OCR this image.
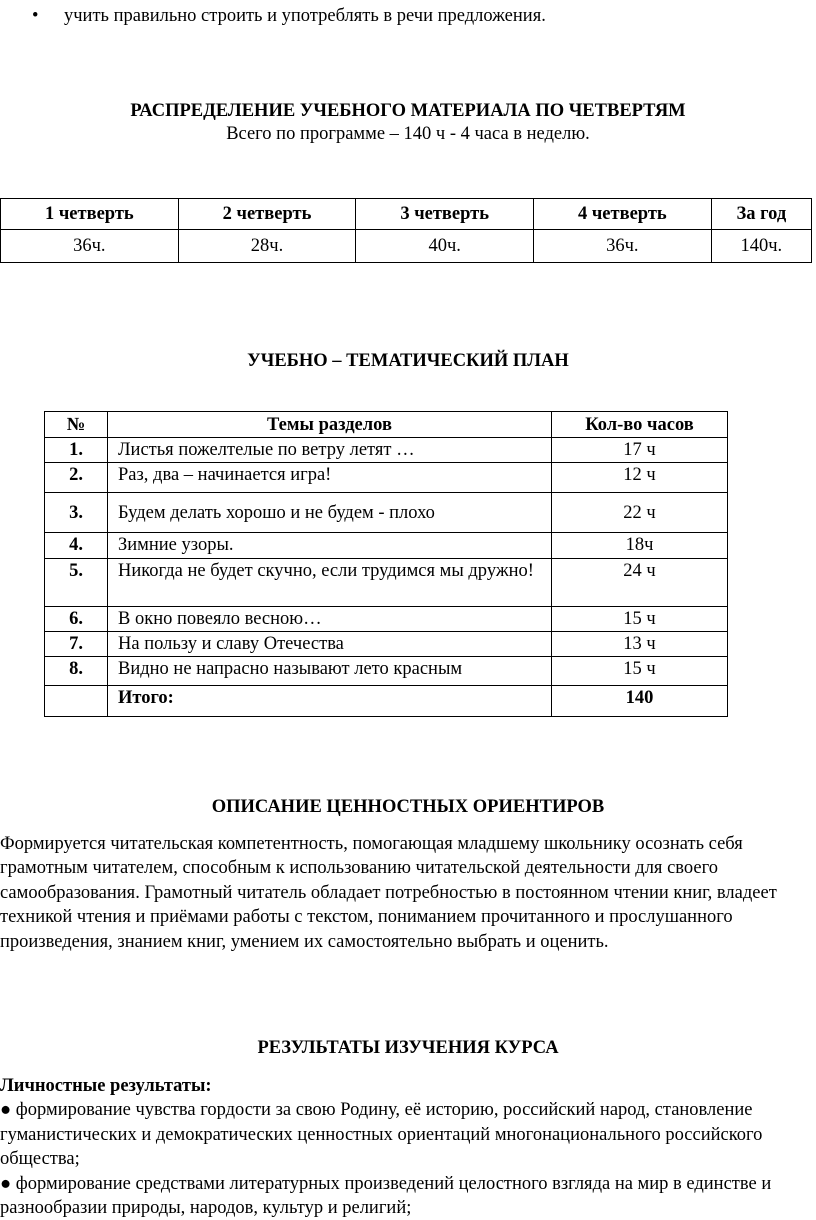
• учить правильно строить и употреблять в речи предложения.
РАСПРЕДЕЛЕНИЕ УЧЕБНОГО МАТЕРИАЛА ПО ЧЕТВЕРТЯМ
Всего по программе – 140 ч - 4 часа в неделю.
1 четверть	2 четверть	3 четверть	4 четверть	За год
36ч.	28ч.	40ч.	36ч.	140ч.
УЧЕБНО – ТЕМАТИЧЕСКИЙ ПЛАН
№	Темы разделов	Кол-во часов
1.	Листья пожелтелые по ветру летят …	17 ч
2.	Раз, два – начинается игра!	12 ч
3.	Будем делать хорошо и не будем - плохо	22 ч
4.	Зимние узоры.	18ч
5.	Никогда не будет скучно, если трудимся мы дружно!	24 ч
6.	В окно повеяло весною…	15 ч
7.	На пользу и славу Отечества	13 ч
8.	Видно не напрасно называют лето красным	15 ч
	Итого:	140
ОПИСАНИЕ ЦЕННОСТНЫХ ОРИЕНТИРОВ

Формируется читательская компетентность, помогающая младшему школьнику осознать себя грамотным читателем, способным к использованию читательской деятельности для своего самообразования. Грамотный читатель обладает потребностью в постоянном чтении книг, владеет техникой чтения и приёмами работы с текстом, пониманием прочитанного и прослушанного произведения, знанием книг, умением их самостоятельно выбрать и оценить.

РЕЗУЛЬТАТЫ ИЗУЧЕНИЯ КУРСА

Личностные результаты:

● формирование чувства гордости за свою Родину, её историю, российский народ, становление гуманистических и демократических ценностных ориентаций многонационального российского общества;

● формирование средствами литературных произведений целостного взгляда на мир в единстве и разнообразии природы, народов, культур и религий;
